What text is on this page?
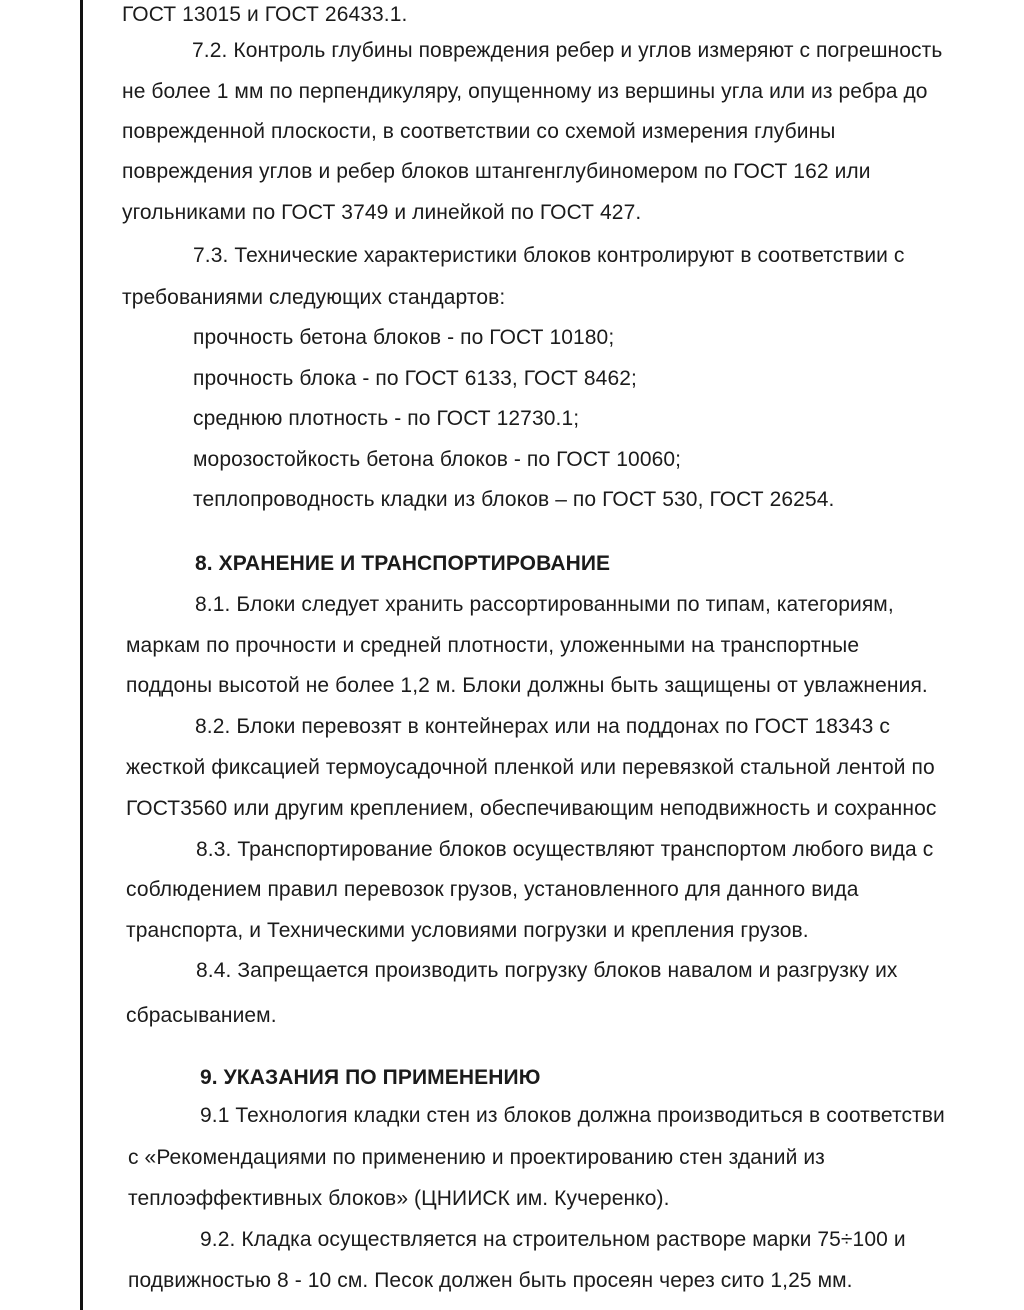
ГОСТ 13015 и ГОСТ 26433.1.
7.2. Контроль глубины повреждения ребер и углов измеряют с погрешность
не более 1 мм по перпендикуляру, опущенному из вершины угла или из ребра до
поврежденной плоскости, в соответствии со схемой измерения глубины
повреждения углов и ребер блоков штангенглубиномером по ГОСТ 162 или
угольниками по ГОСТ 3749 и линейкой по ГОСТ 427.
7.3. Технические характеристики блоков контролируют в соответствии с
требованиями следующих стандартов:
прочность бетона блоков - по ГОСТ 10180;
прочность блока - по ГОСТ 6133, ГОСТ 8462;
среднюю плотность - по ГОСТ 12730.1;
морозостойкость бетона блоков - по ГОСТ 10060;
теплопроводность кладки из блоков – по ГОСТ 530, ГОСТ 26254.
8. ХРАНЕНИЕ И ТРАНСПОРТИРОВАНИЕ
8.1. Блоки следует хранить рассортированными по типам, категориям,
маркам по прочности и средней плотности, уложенными на транспортные
поддоны высотой не более 1,2 м. Блоки должны быть защищены от увлажнения.
8.2. Блоки перевозят в контейнерах или на поддонах по ГОСТ 18343 с
жесткой фиксацией термоусадочной пленкой или перевязкой стальной лентой по
ГОСТ3560 или другим креплением, обеспечивающим неподвижность и сохраннос
8.3. Транспортирование блоков осуществляют транспортом любого вида с
соблюдением правил перевозок грузов, установленного для данного вида
транспорта, и Техническими условиями погрузки и крепления грузов.
8.4. Запрещается производить погрузку блоков навалом и разгрузку их
сбрасыванием.
9. УКАЗАНИЯ ПО ПРИМЕНЕНИЮ
9.1 Технология кладки стен из блоков должна производиться в соответстви
с «Рекомендациями по применению и проектированию стен зданий из
теплоэффективных блоков» (ЦНИИСК им. Кучеренко).
9.2. Кладка осуществляется на строительном растворе марки 75÷100 и
подвижностью 8 - 10 см. Песок должен быть просеян через сито 1,25 мм.
